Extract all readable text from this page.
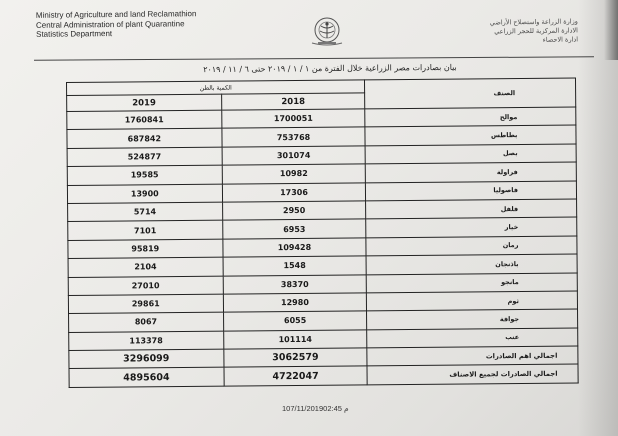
Ministry of Agriculture and land Reclamathion
Central Administration of plant Quarantine
Statistics Department
وزارة الزراعة واستصلاح الأراضي
الادارة المركزية للحجر الزراعي
ادارة الاحصاء
بيان بصادرات مصر الزراعية خلال الفترة من ١ / ١ / ٢٠١٩ حتى ٦ / ١١ / ٢٠١٩
الكمية بالطن		الصنف
2019	2018	
1760841	1700051	موالح
687842	753768	بطاطس
524877	301074	بصل
19585	10982	فراولة
13900	17306	فاصوليا
5714	2950	فلفل
7101	6953	خيار
95819	109428	رمان
2104	1548	باذنجان
27010	38370	مانجو
29861	12980	ثوم
8067	6055	جوافة
113378	101114	عنب
3296099	3062579	اجمالي اهم الصادرات
4895604	4722047	اجمالي الصادرات لجميع الاصناف
107/11/201902:45 م
